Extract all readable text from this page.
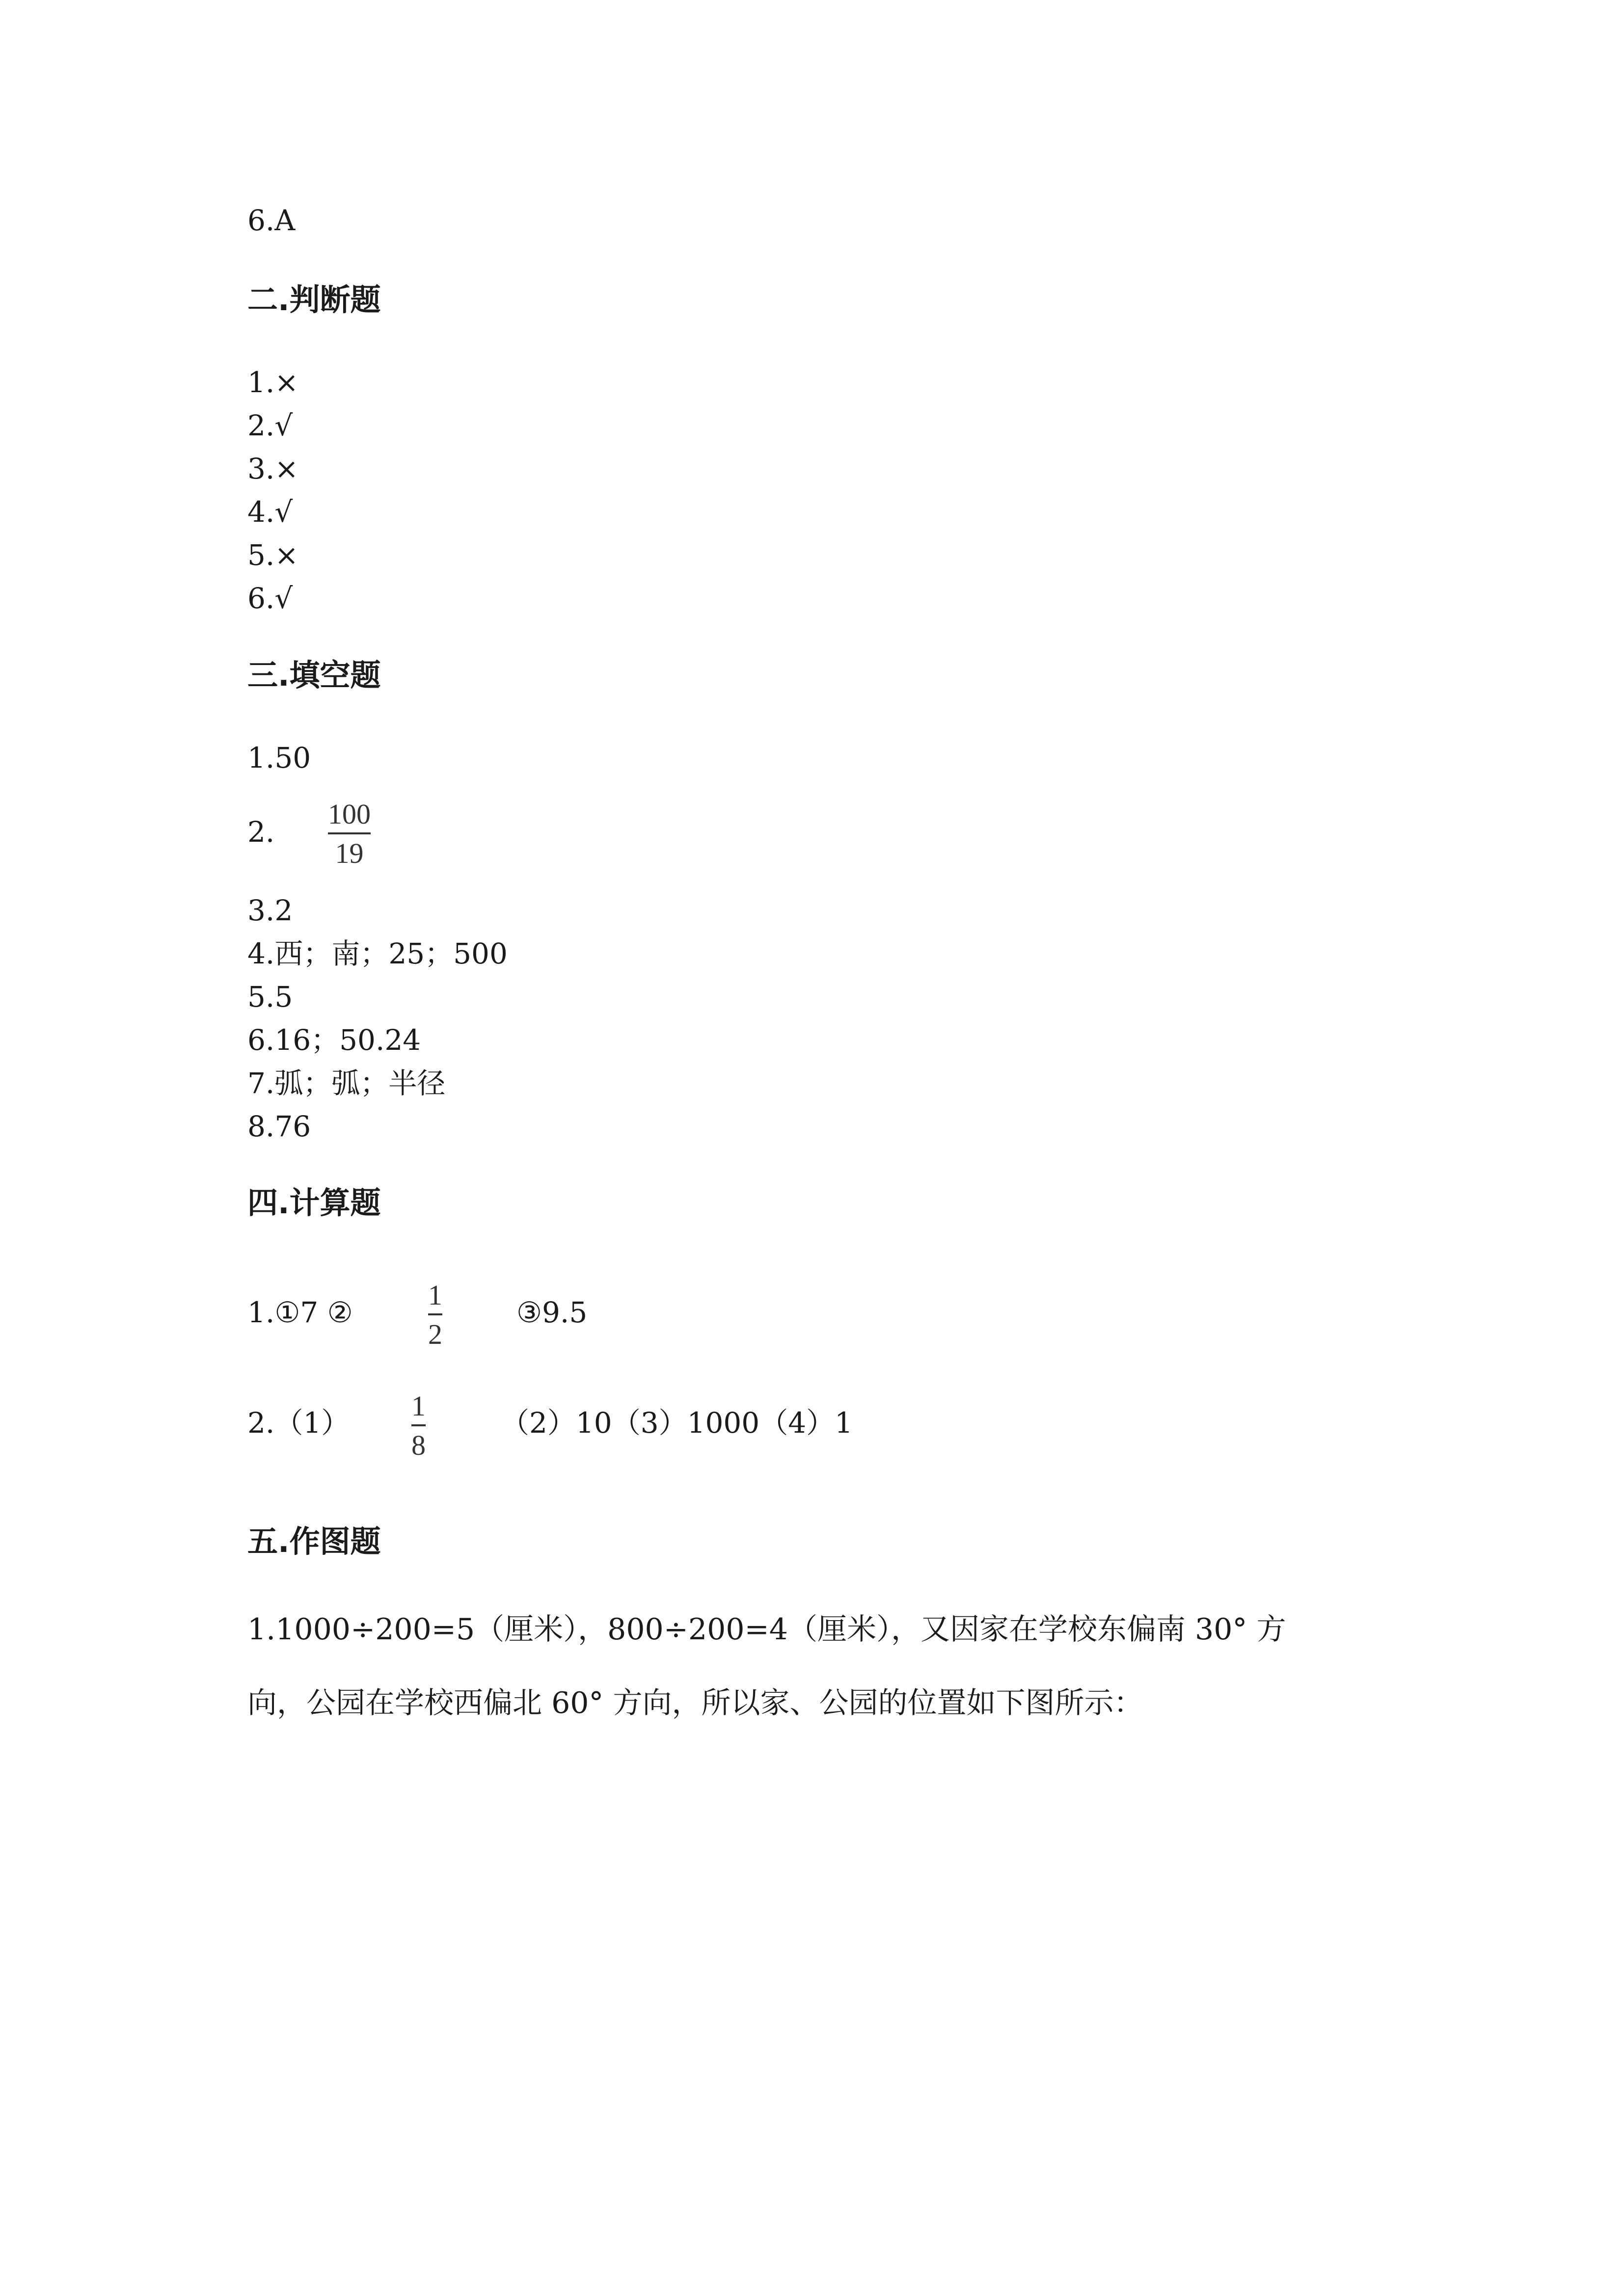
6.A
二.判断题
1.×
2.√
3.×
4.√
5.×
6.√
三.填空题
1.50
2.
100
19
3.2
4.西；南；25；500
5.5
6.16；50.24
7.弧；弧；半径
8.76
四.计算题
1.①7 ②
1
2
③9.5
2.（1）
1
8
（2）10（3）1000（4）1
五.作图题
1.1000÷200=5（厘米），800÷200=4（厘米），又因家在学校东偏南 30° 方
向，公园在学校西偏北 60° 方向，所以家、公园的位置如下图所示：
